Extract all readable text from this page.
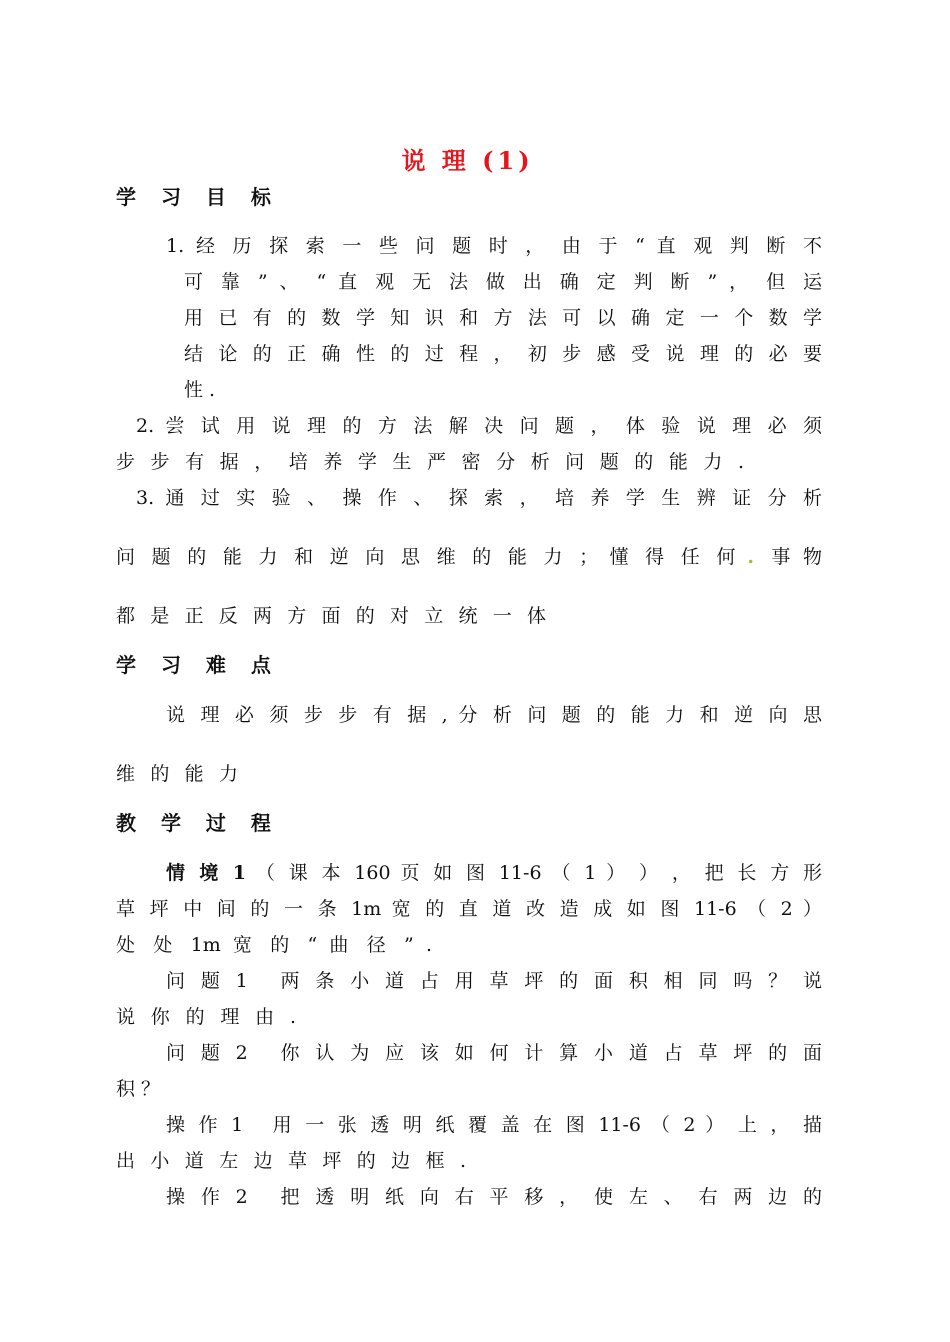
说 理 (1)
学 习 目 标
1. 经 历 探 索 一 些 问 题 时 ， 由 于 “ 直 观 判 断 不
可 靠 ” 、 “ 直 观 无 法 做 出 确 定 判 断 ” ， 但 运
用 已 有 的 数 学 知 识 和 方 法 可 以 确 定 一 个 数 学
结 论 的 正 确 性 的 过 程 ， 初 步 感 受 说 理 的 必 要
性 .
2. 尝 试 用 说 理 的 方 法 解 决 问 题 ， 体 验 说 理 必 须
步 步 有 据 ， 培 养 学 生 严 密 分 析 问 题 的 能 力 .
3. 通 过 实 验 、 操 作 、 探 索 ， 培 养 学 生 辨 证 分 析
问 题 的 能 力 和 逆 向 思 维 的 能 力 ； 懂 得 任 何 . 事 物
都 是 正 反 两 方 面 的 对 立 统 一 体
学 习 难 点
说 理 必 须 步 步 有 据 , 分 析 问 题 的 能 力 和 逆 向 思
维 的 能 力
教 学 过 程
情 境 1 （ 课 本 160 页 如 图 11-6 （ 1 ） ） ， 把 长 方 形
草 坪 中 间 的 一 条 1m 宽 的 直 道 改 造 成 如 图 11-6 （ 2 ）
处 处 1m 宽 的 “ 曲 径 ” .
问 题 1   两 条 小 道 占 用 草 坪 的 面 积 相 同 吗 ？ 说
说 你 的 理 由 .
问 题 2   你 认 为 应 该 如 何 计 算 小 道 占 草 坪 的 面
积 ？
操 作 1   用 一 张 透 明 纸 覆 盖 在 图 11-6 （ 2 ） 上 ， 描
出 小 道 左 边 草 坪 的 边 框 .
操 作 2   把 透 明 纸 向 右 平 移 ， 使 左 、 右 两 边 的
